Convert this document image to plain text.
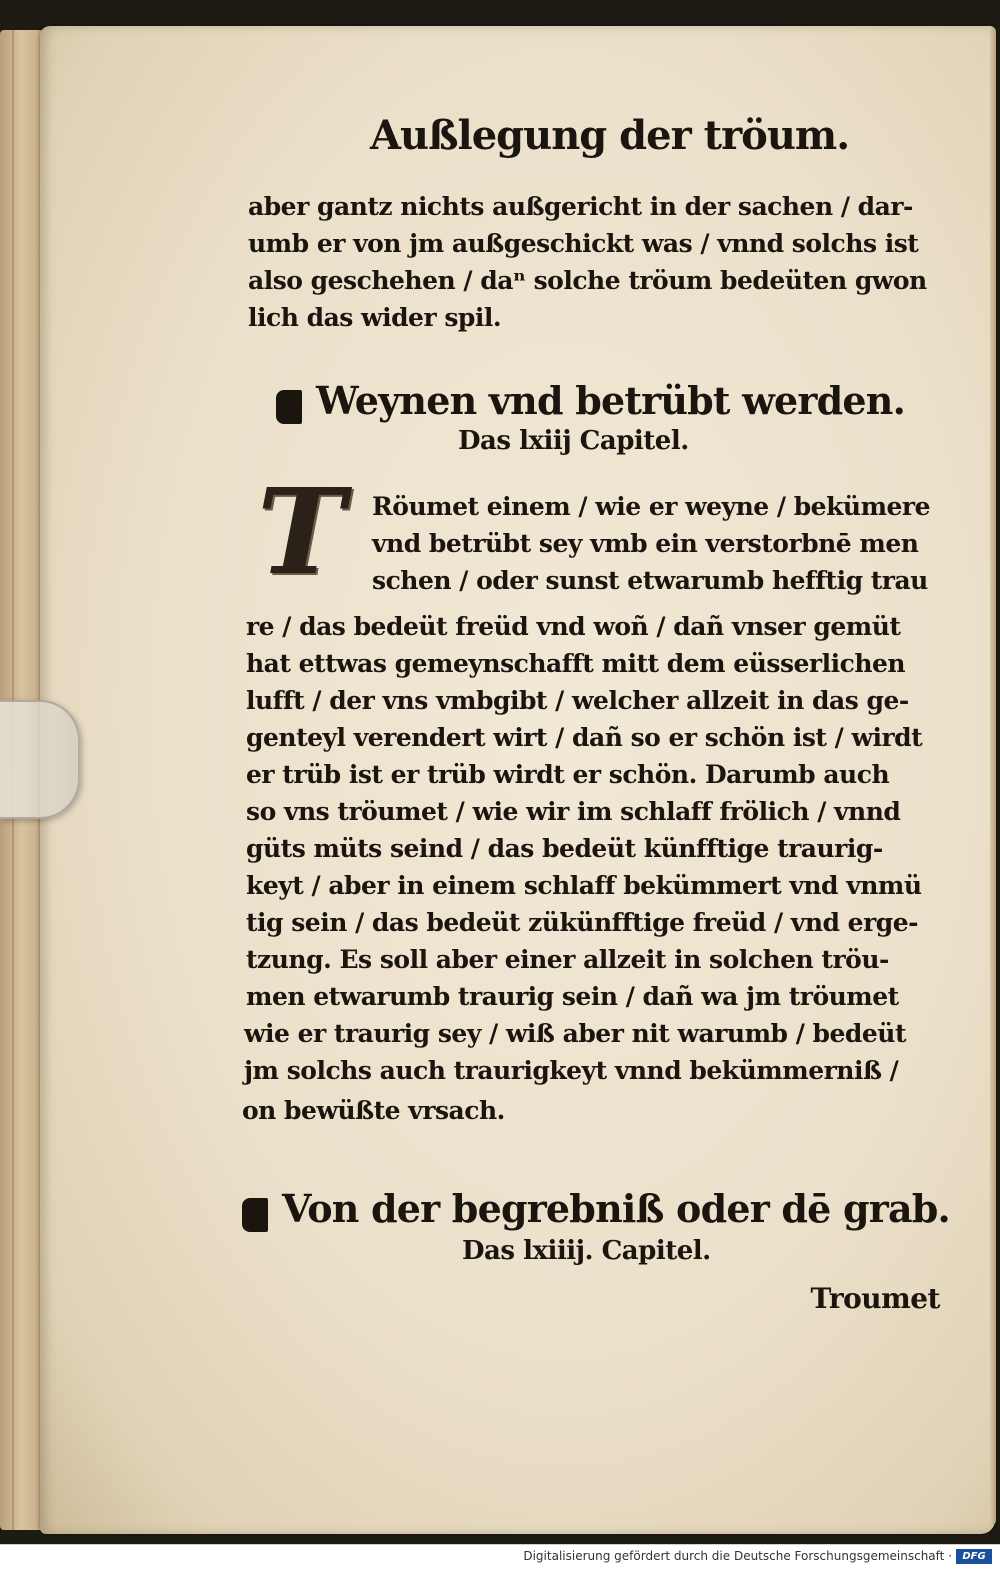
Außlegung der tröum.

aber gantz nichts außgericht in der sachen / dar-

umb er von jm außgeschickt was / vnnd solchs ist

also geschehen / daⁿ solche tröum bedeüten gwon

lich das wider spil.

Weynen vnd betrübt werden.

Das lxiij Capitel.

T	Röumet einem / wie er weyne / bekümere

vnd betrübt sey vmb ein verstorbnē men

schen / oder sunst etwarumb hefftig trau

re / das bedeüt freüd vnd woñ / dañ vnser gemüt

hat ettwas gemeynschafft mitt dem eüsserlichen

lufft / der vns vmbgibt / welcher allzeit in das ge-

genteyl verendert wirt / dañ so er schön ist / wirdt

er trüb ist er trüb wirdt er schön. Darumb auch

so vns tröumet / wie wir im schlaff frölich / vnnd

güts müts seind / das bedeüt künfftige traurig-

keyt / aber in einem schlaff bekümmert vnd vnmü

tig sein / das bedeüt zükünfftige freüd / vnd erge-

tzung. Es soll aber einer allzeit in solchen tröu-

men etwarumb traurig sein / dañ wa jm tröumet

wie er traurig sey / wiß aber nit warumb / bedeüt

jm solchs auch traurigkeyt vnnd bekümmerniß /

on bewüßte vrsach.

Von der begrebniß oder dē grab.

Das lxiiij. Capitel.

Troumet

Digitalisierung gefördert durch die Deutsche Forschungsgemeinschaft ·	DFG
